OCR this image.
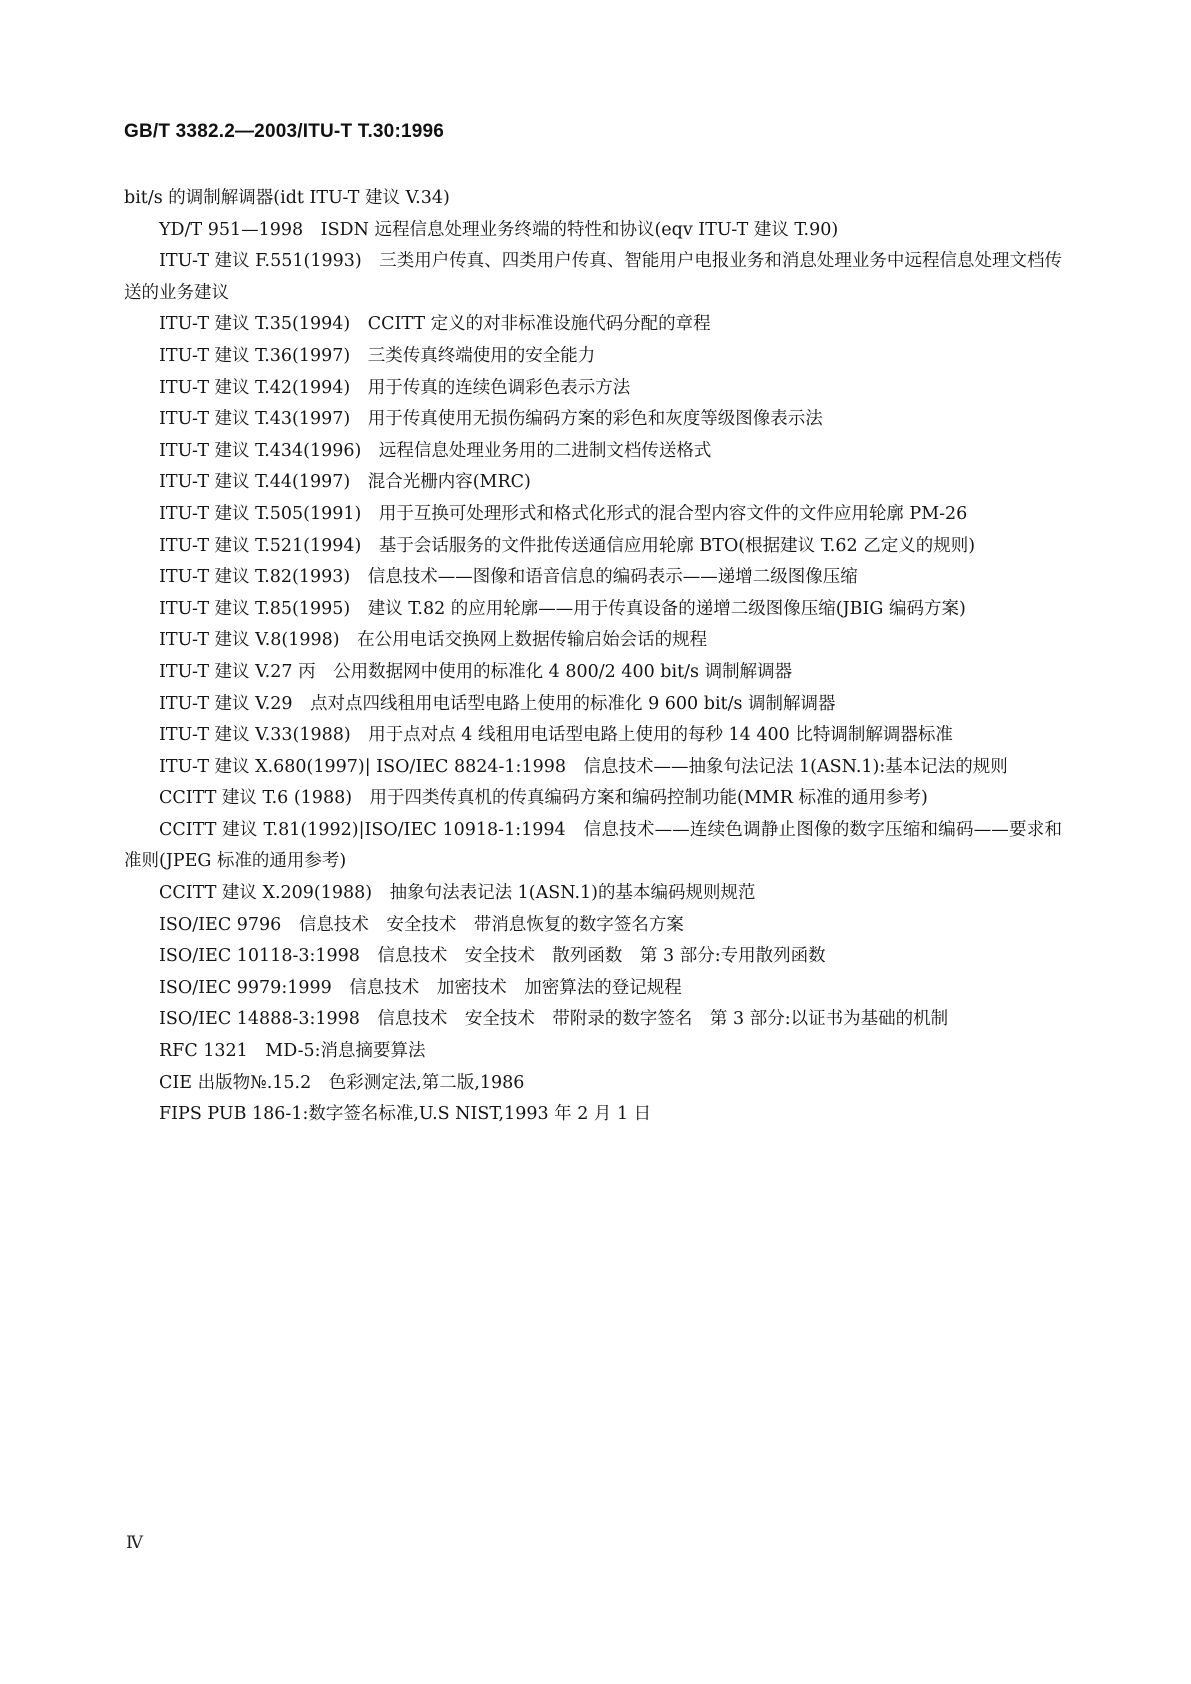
GB/T 3382.2—2003/ITU-T T.30:1996

bit/s 的调制解调器(idt ITU-T 建议 V.34)

YD/T 951—1998　ISDN 远程信息处理业务终端的特性和协议(eqv ITU-T 建议 T.90)

ITU-T 建议 F.551(1993)　三类用户传真、四类用户传真、智能用户电报业务和消息处理业务中远程信息处理文档传送的业务建议

ITU-T 建议 T.35(1994)　CCITT 定义的对非标准设施代码分配的章程

ITU-T 建议 T.36(1997)　三类传真终端使用的安全能力

ITU-T 建议 T.42(1994)　用于传真的连续色调彩色表示方法

ITU-T 建议 T.43(1997)　用于传真使用无损伤编码方案的彩色和灰度等级图像表示法

ITU-T 建议 T.434(1996)　远程信息处理业务用的二进制文档传送格式

ITU-T 建议 T.44(1997)　混合光栅内容(MRC)

ITU-T 建议 T.505(1991)　用于互换可处理形式和格式化形式的混合型内容文件的文件应用轮廓 PM-26

ITU-T 建议 T.521(1994)　基于会话服务的文件批传送通信应用轮廓 BTO(根据建议 T.62 乙定义的规则)

ITU-T 建议 T.82(1993)　信息技术——图像和语音信息的编码表示——递增二级图像压缩

ITU-T 建议 T.85(1995)　建议 T.82 的应用轮廓——用于传真设备的递增二级图像压缩(JBIG 编码方案)

ITU-T 建议 V.8(1998)　在公用电话交换网上数据传输启始会话的规程

ITU-T 建议 V.27 丙　公用数据网中使用的标准化 4 800/2 400 bit/s 调制解调器

ITU-T 建议 V.29　点对点四线租用电话型电路上使用的标准化 9 600 bit/s 调制解调器

ITU-T 建议 V.33(1988)　用于点对点 4 线租用电话型电路上使用的每秒 14 400 比特调制解调器标准

ITU-T 建议 X.680(1997)| ISO/IEC 8824-1:1998　信息技术——抽象句法记法 1(ASN.1):基本记法的规则

CCITT 建议 T.6 (1988)　用于四类传真机的传真编码方案和编码控制功能(MMR 标准的通用参考)

CCITT 建议 T.81(1992)|ISO/IEC 10918-1:1994　信息技术——连续色调静止图像的数字压缩和编码——要求和准则(JPEG 标准的通用参考)

CCITT 建议 X.209(1988)　抽象句法表记法 1(ASN.1)的基本编码规则规范

ISO/IEC 9796　信息技术　安全技术　带消息恢复的数字签名方案

ISO/IEC 10118-3:1998　信息技术　安全技术　散列函数　第 3 部分:专用散列函数

ISO/IEC 9979:1999　信息技术　加密技术　加密算法的登记规程

ISO/IEC 14888-3:1998　信息技术　安全技术　带附录的数字签名　第 3 部分:以证书为基础的机制

RFC 1321　MD-5:消息摘要算法

CIE 出版物№.15.2　色彩测定法,第二版,1986

FIPS PUB 186-1:数字签名标准,U.S NIST,1993 年 2 月 1 日

Ⅳ
